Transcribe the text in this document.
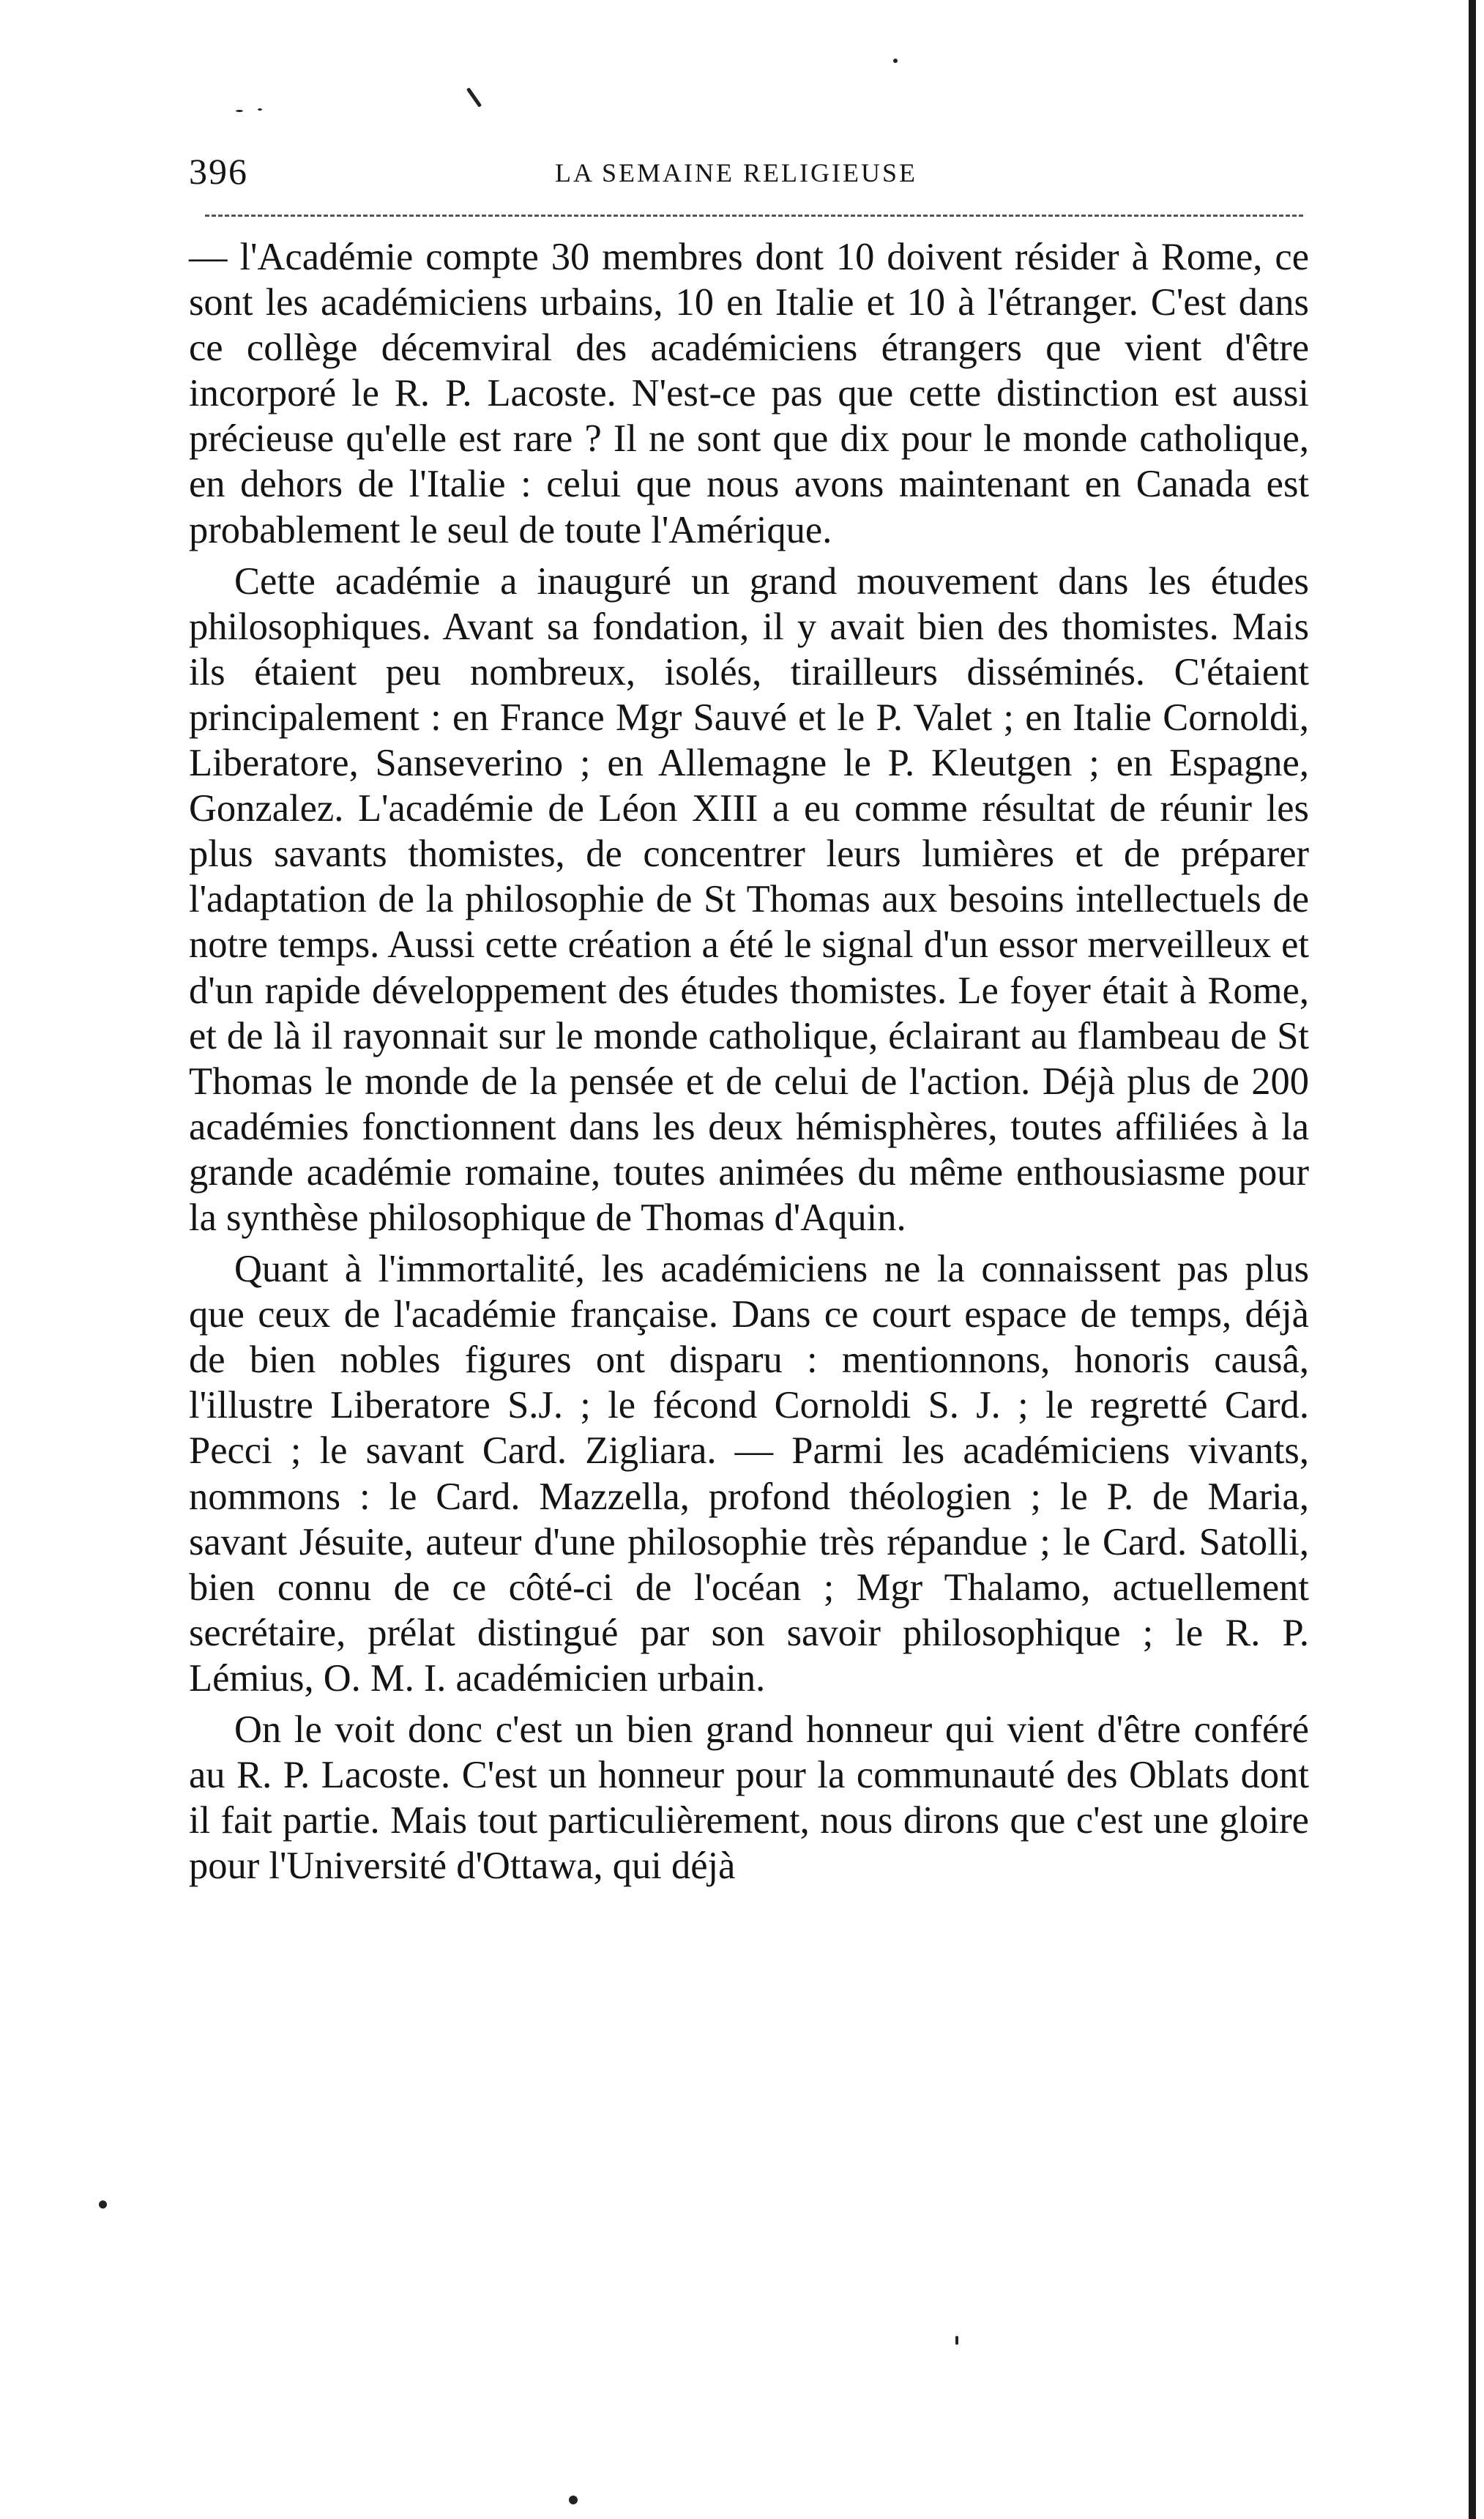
396	LA SEMAINE RELIGIEUSE

— l'Académie compte 30 membres dont 10 doivent résider à Rome, ce sont les académiciens urbains, 10 en Italie et 10 à l'étranger. C'est dans ce collège décemviral des académiciens étrangers que vient d'être incorporé le R. P. Lacoste. N'est-ce pas que cette distinction est aussi précieuse qu'elle est rare ? Il ne sont que dix pour le monde catholique, en dehors de l'Italie : celui que nous avons maintenant en Canada est probablement le seul de toute l'Amérique.

Cette académie a inauguré un grand mouvement dans les études philosophiques. Avant sa fondation, il y avait bien des thomistes. Mais ils étaient peu nombreux, isolés, tirailleurs disséminés. C'étaient principalement : en France Mgr Sauvé et le P. Valet ; en Italie Cornoldi, Liberatore, Sanseverino ; en Allemagne le P. Kleutgen ; en Espagne, Gonzalez. L'académie de Léon XIII a eu comme résultat de réunir les plus savants thomistes, de concentrer leurs lumières et de préparer l'adaptation de la philosophie de St Thomas aux besoins intellectuels de notre temps. Aussi cette création a été le signal d'un essor merveilleux et d'un rapide développement des études thomistes. Le foyer était à Rome, et de là il rayonnait sur le monde catholique, éclairant au flambeau de St Thomas le monde de la pensée et de celui de l'action. Déjà plus de 200 académies fonctionnent dans les deux hémisphères, toutes affiliées à la grande académie romaine, toutes animées du même enthousiasme pour la synthèse philosophique de Thomas d'Aquin.

Quant à l'immortalité, les académiciens ne la connaissent pas plus que ceux de l'académie française. Dans ce court espace de temps, déjà de bien nobles figures ont disparu : mentionnons, honoris causâ, l'illustre Liberatore S.J. ; le fécond Cornoldi S. J. ; le regretté Card. Pecci ; le savant Card. Zigliara. — Parmi les académiciens vivants, nommons : le Card. Mazzella, profond théologien ; le P. de Maria, savant Jésuite, auteur d'une philosophie très répandue ; le Card. Satolli, bien connu de ce côté-ci de l'océan ; Mgr Thalamo, actuellement secrétaire, prélat distingué par son savoir philosophique ; le R. P. Lémius, O. M. I. académicien urbain.

On le voit donc c'est un bien grand honneur qui vient d'être conféré au R. P. Lacoste. C'est un honneur pour la communauté des Oblats dont il fait partie. Mais tout particulièrement, nous dirons que c'est une gloire pour l'Université d'Ottawa, qui déjà
